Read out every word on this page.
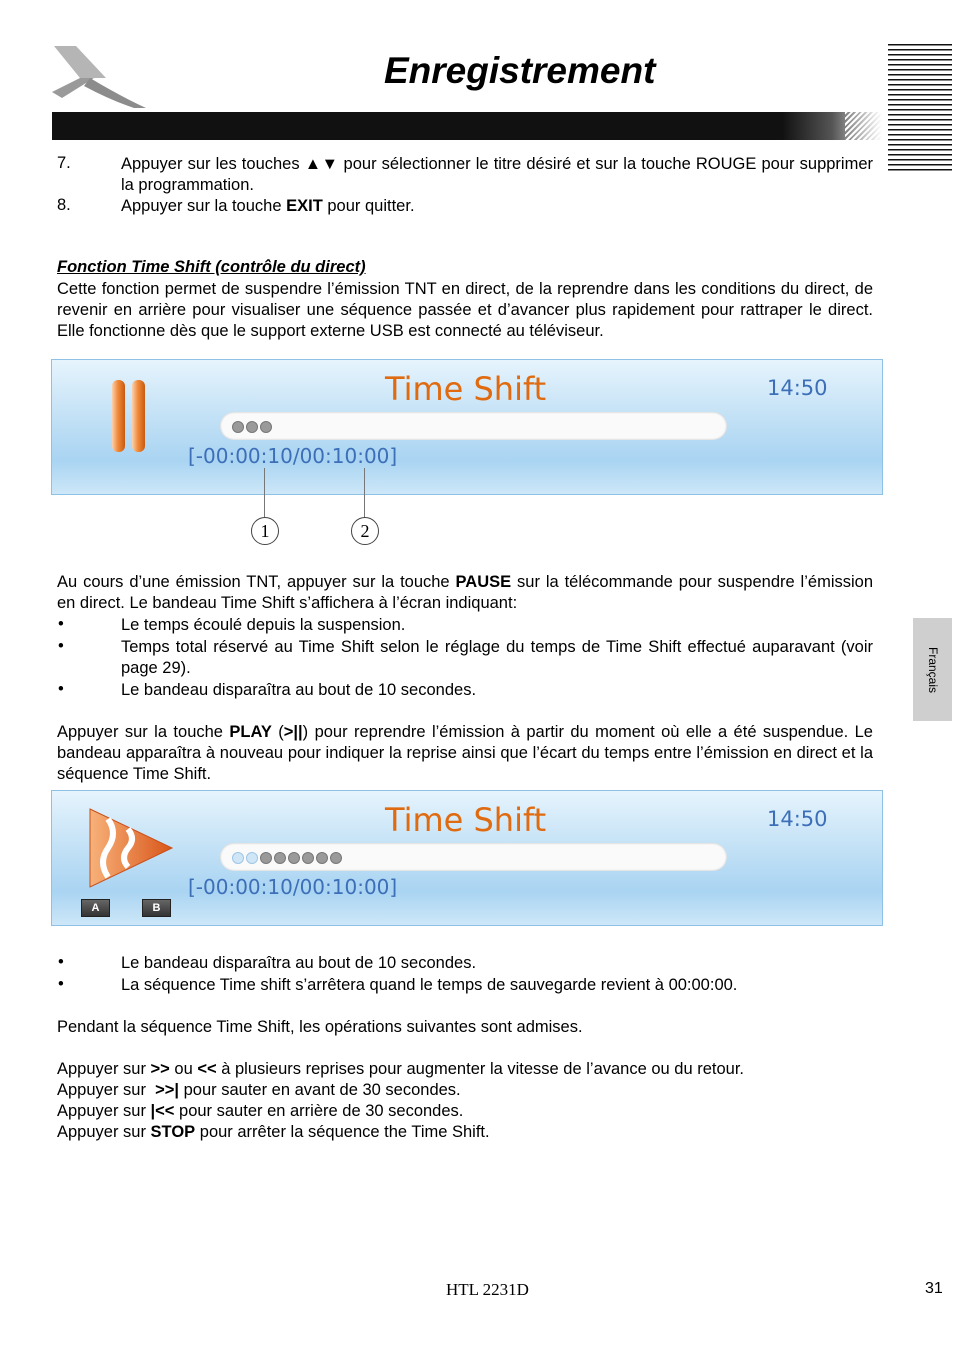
Enregistrement
Français
7.	Appuyer sur les touches ▲▼ pour sélectionner le titre désiré et sur la touche ROUGE pour supprimer la programmation.
8.	Appuyer sur la touche EXIT pour quitter.
Fonction Time Shift (contrôle du direct)
Cette fonction permet de suspendre l’émission TNT en direct, de la reprendre dans les conditions du direct, de revenir en arrière pour visualiser une séquence passée et d’avancer plus rapidement pour rattraper le direct. Elle fonctionne dès que le support externe USB est connecté au téléviseur.
Time Shift	14:50
[-00:00:10/00:10:00]
1	2
Au cours d’une émission TNT, appuyer sur la touche PAUSE sur la télécommande pour suspendre l’émission en direct. Le bandeau Time Shift s’affichera à l’écran indiquant:
•	Le temps écoulé depuis la suspension.
•	Temps total réservé au Time Shift selon le réglage du temps de Time Shift effectué auparavant (voir page 29).
•	Le bandeau disparaîtra au bout de 10 secondes.
Appuyer sur la touche PLAY (>||) pour reprendre l’émission à partir du moment où elle a été suspendue. Le bandeau apparaîtra à nouveau pour indiquer la reprise ainsi que l’écart du temps entre l’émission en direct et la séquence Time Shift.
A	B
Time Shift	14:50
[-00:00:10/00:10:00]
•	Le bandeau disparaîtra au bout de 10 secondes.
•	La séquence Time shift s’arrêtera quand le temps de sauvegarde revient à 00:00:00.
Pendant la séquence Time Shift, les opérations suivantes sont admises.
Appuyer sur >> ou << à plusieurs reprises pour augmenter la vitesse de l’avance ou du retour.
Appuyer sur  >>| pour sauter en avant de 30 secondes.
Appuyer sur |<< pour sauter en arrière de 30 secondes.
Appuyer sur STOP pour arrêter la séquence the Time Shift.
HTL 2231D	31
